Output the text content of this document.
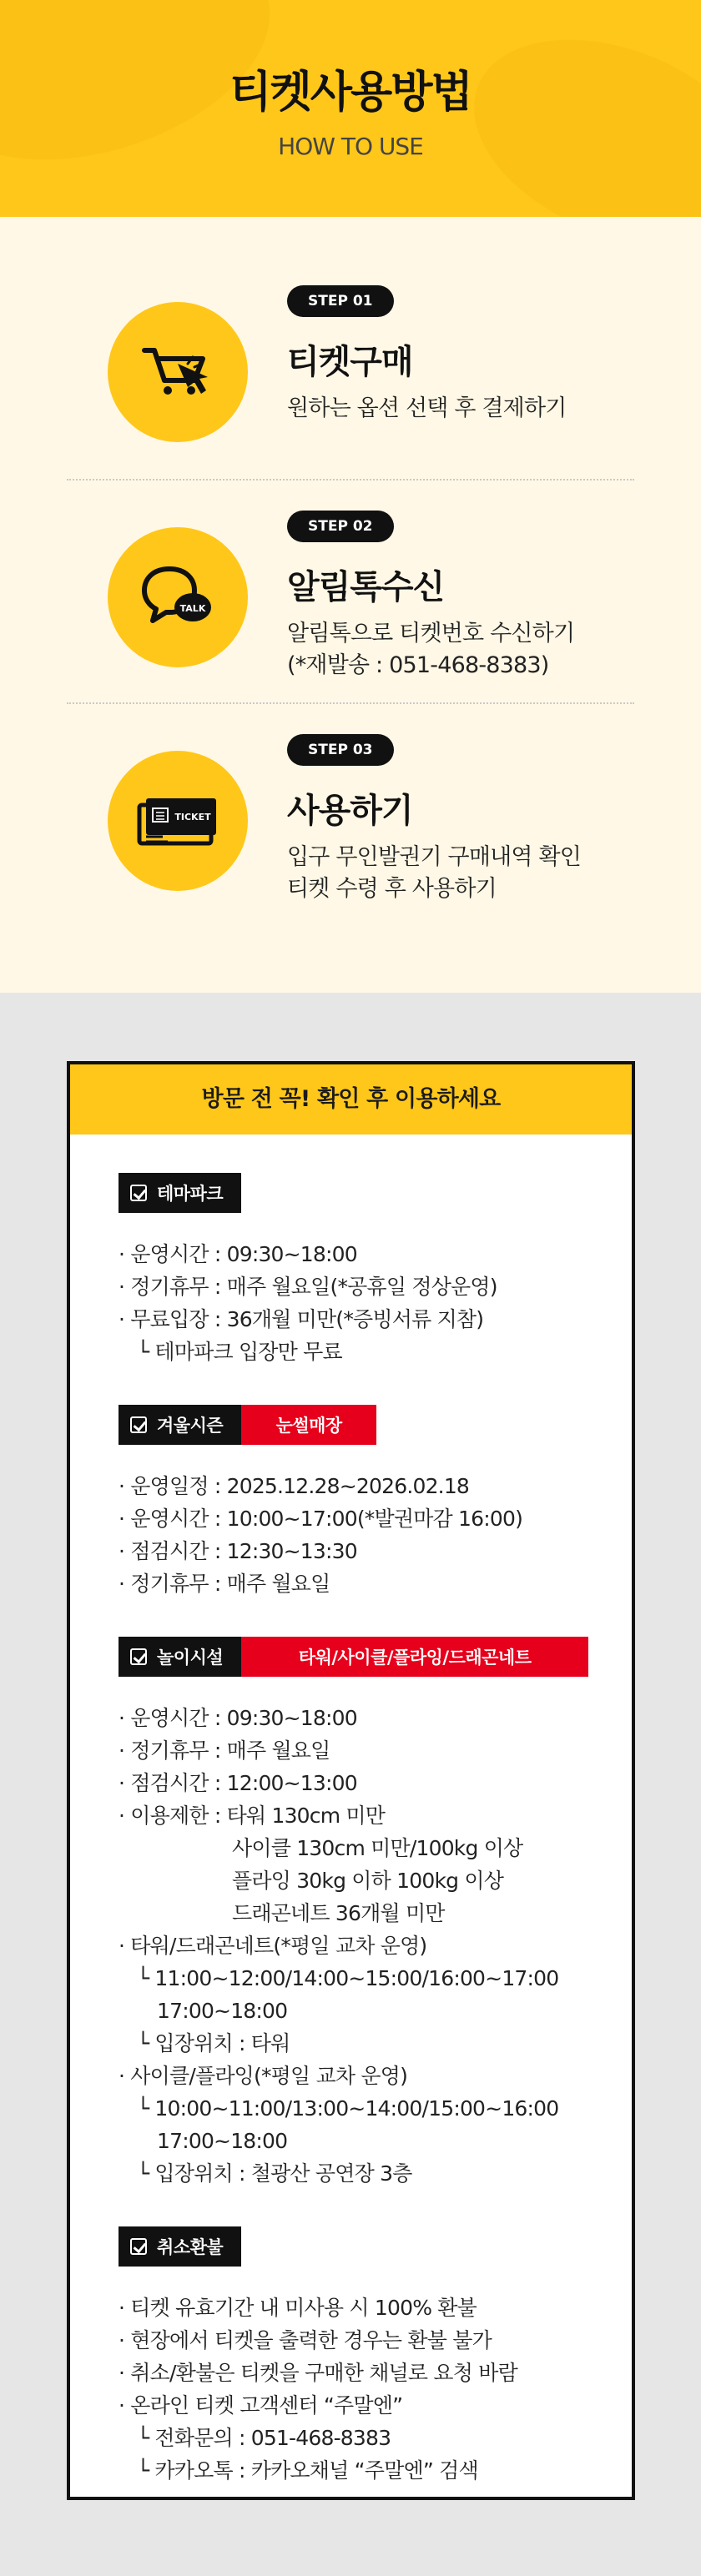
티켓사용방법
HOW TO USE
STEP 01
티켓구매

원하는 옵션 선택 후 결제하기

TALK
STEP 02
알림톡수신

알림톡으로 티켓번호 수신하기
(*재발송 : 051-468-8383)

TICKET
STEP 03
사용하기

입구 무인발권기 구매내역 확인
티켓 수령 후 사용하기

방문 전 꼭! 확인 후 이용하세요
테마파크
· 운영시간 : 09:30~18:00
· 정기휴무 : 매주 월요일(*공휴일 정상운영)
· 무료입장 : 36개월 미만(*증빙서류 지참)
└ 테마파크 입장만 무료
겨울시즌	눈썰매장
· 운영일정 : 2025.12.28~2026.02.18
· 운영시간 : 10:00~17:00(*발권마감 16:00)
· 점검시간 : 12:30~13:30
· 정기휴무 : 매주 월요일
놀이시설	타워/사이클/플라잉/드래곤네트
· 운영시간 : 09:30~18:00
· 정기휴무 : 매주 월요일
· 점검시간 : 12:00~13:00
· 이용제한 : 타워 130cm 미만
사이클 130cm 미만/100kg 이상
플라잉 30kg 이하 100kg 이상
드래곤네트 36개월 미만
· 타워/드래곤네트(*평일 교차 운영)
└ 11:00~12:00/14:00~15:00/16:00~17:00
17:00~18:00
└ 입장위치 : 타워
· 사이클/플라잉(*평일 교차 운영)
└ 10:00~11:00/13:00~14:00/15:00~16:00
17:00~18:00
└ 입장위치 : 철광산 공연장 3층
취소환불
· 티켓 유효기간 내 미사용 시 100% 환불
· 현장에서 티켓을 출력한 경우는 환불 불가
· 취소/환불은 티켓을 구매한 채널로 요청 바람
· 온라인 티켓 고객센터 “주말엔”
└ 전화문의 : 051-468-8383
└ 카카오톡 : 카카오채널 “주말엔” 검색
